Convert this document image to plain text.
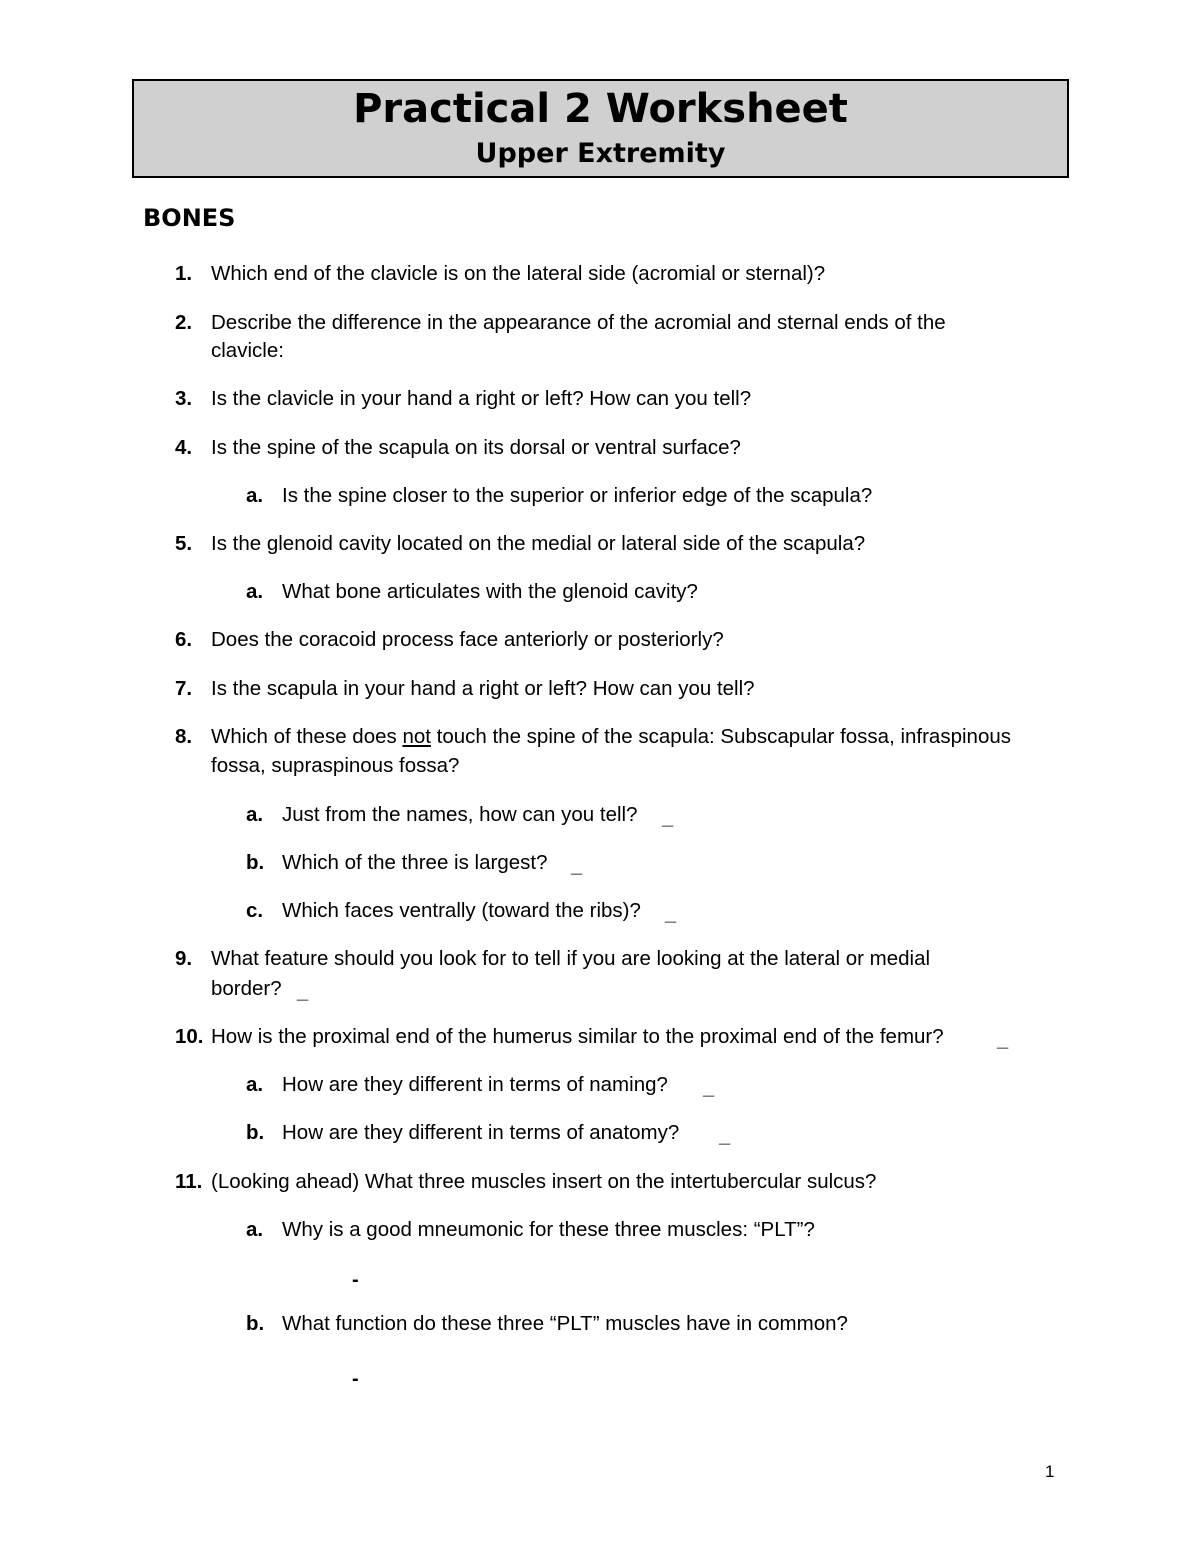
Practical 2 Worksheet
Upper Extremity
BONES
1. Which end of the clavicle is on the lateral side (acromial or sternal)?
2. Describe the difference in the appearance of the acromial and sternal ends of the
clavicle:
3. Is the clavicle in your hand a right or left? How can you tell?
4. Is the spine of the scapula on its dorsal or ventral surface?
a. Is the spine closer to the superior or inferior edge of the scapula?
5. Is the glenoid cavity located on the medial or lateral side of the scapula?
a. What bone articulates with the glenoid cavity?
6. Does the coracoid process face anteriorly or posteriorly?
7. Is the scapula in your hand a right or left? How can you tell?
8. Which of these does not touch the spine of the scapula: Subscapular fossa, infraspinous
fossa, supraspinous fossa?
a. Just from the names, how can you tell? _
b. Which of the three is largest? _
c. Which faces ventrally (toward the ribs)? _
9. What feature should you look for to tell if you are looking at the lateral or medial
border? _
10. How is the proximal end of the humerus similar to the proximal end of the femur?	_
a. How are they different in terms of naming? _
b. How are they different in terms of anatomy? _
11. (Looking ahead) What three muscles insert on the intertubercular sulcus?
a. Why is a good mneumonic for these three muscles: “PLT”?
-
b. What function do these three “PLT” muscles have in common?
-
1
